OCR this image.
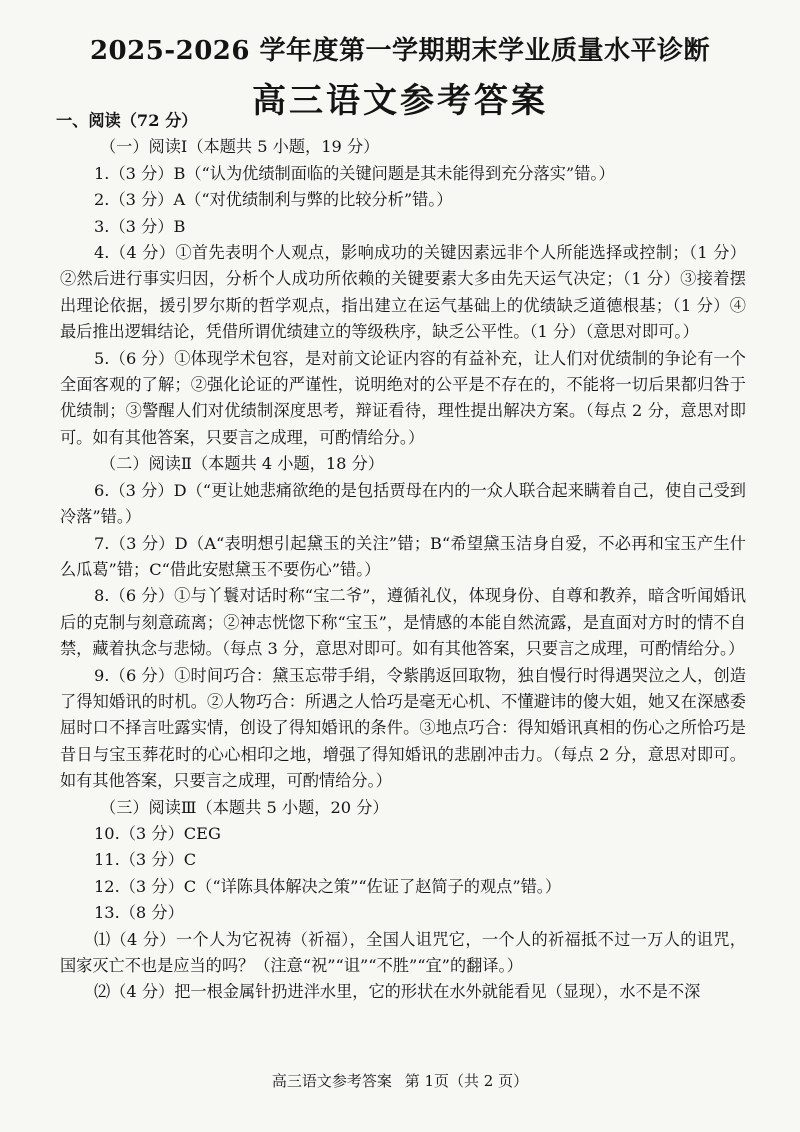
2025-2026 学年度第一学期期末学业质量水平诊断
高三语文参考答案

一、阅读（72 分）

（一）阅读Ⅰ（本题共 5 小题，19 分）

1.（3 分）B（“认为优绩制面临的关键问题是其未能得到充分落实”错。）

2.（3 分）A（“对优绩制利与弊的比较分析”错。）

3.（3 分）B

4.（4 分）①首先表明个人观点，影响成功的关键因素远非个人所能选择或控制；（1 分）②然后进行事实归因，分析个人成功所依赖的关键要素大多由先天运气决定；（1 分）③接着摆出理论依据，援引罗尔斯的哲学观点，指出建立在运气基础上的优绩缺乏道德根基；（1 分）④最后推出逻辑结论，凭借所谓优绩建立的等级秩序，缺乏公平性。（1 分）（意思对即可。）

5.（6 分）①体现学术包容，是对前文论证内容的有益补充，让人们对优绩制的争论有一个全面客观的了解；②强化论证的严谨性，说明绝对的公平是不存在的，不能将一切后果都归咎于优绩制；③警醒人们对优绩制深度思考，辩证看待，理性提出解决方案。（每点 2 分，意思对即可。如有其他答案，只要言之成理，可酌情给分。）

（二）阅读Ⅱ（本题共 4 小题，18 分）

6.（3 分）D（“更让她悲痛欲绝的是包括贾母在内的一众人联合起来瞒着自己，使自己受到冷落”错。）

7.（3 分）D（A“表明想引起黛玉的关注”错；B“希望黛玉洁身自爱，不必再和宝玉产生什么瓜葛”错；C“借此安慰黛玉不要伤心”错。）

8.（6 分）①与丫鬟对话时称“宝二爷”，遵循礼仪，体现身份、自尊和教养，暗含听闻婚讯后的克制与刻意疏离；②神志恍惚下称“宝玉”，是情感的本能自然流露，是直面对方时的情不自禁，藏着执念与悲恸。（每点 3 分，意思对即可。如有其他答案，只要言之成理，可酌情给分。）

9.（6 分）①时间巧合：黛玉忘带手绢，令紫鹃返回取物，独自慢行时得遇哭泣之人，创造了得知婚讯的时机。②人物巧合：所遇之人恰巧是毫无心机、不懂避讳的傻大姐，她又在深感委屈时口不择言吐露实情，创设了得知婚讯的条件。③地点巧合：得知婚讯真相的伤心之所恰巧是昔日与宝玉葬花时的心心相印之地，增强了得知婚讯的悲剧冲击力。（每点 2 分，意思对即可。如有其他答案，只要言之成理，可酌情给分。）

（三）阅读Ⅲ（本题共 5 小题，20 分）

10.（3 分）CEG

11.（3 分）C

12.（3 分）C（“详陈具体解决之策”“佐证了赵简子的观点”错。）

13.（8 分）

⑴（4 分）一个人为它祝祷（祈福），全国人诅咒它，一个人的祈福抵不过一万人的诅咒，国家灭亡不也是应当的吗？（注意“祝”“诅”“不胜”“宜”的翻译。）

⑵（4 分）把一根金属针扔进泮水里，它的形状在水外就能看见（显现），水不是不深

高三语文参考答案 第 1页（共 2 页）
